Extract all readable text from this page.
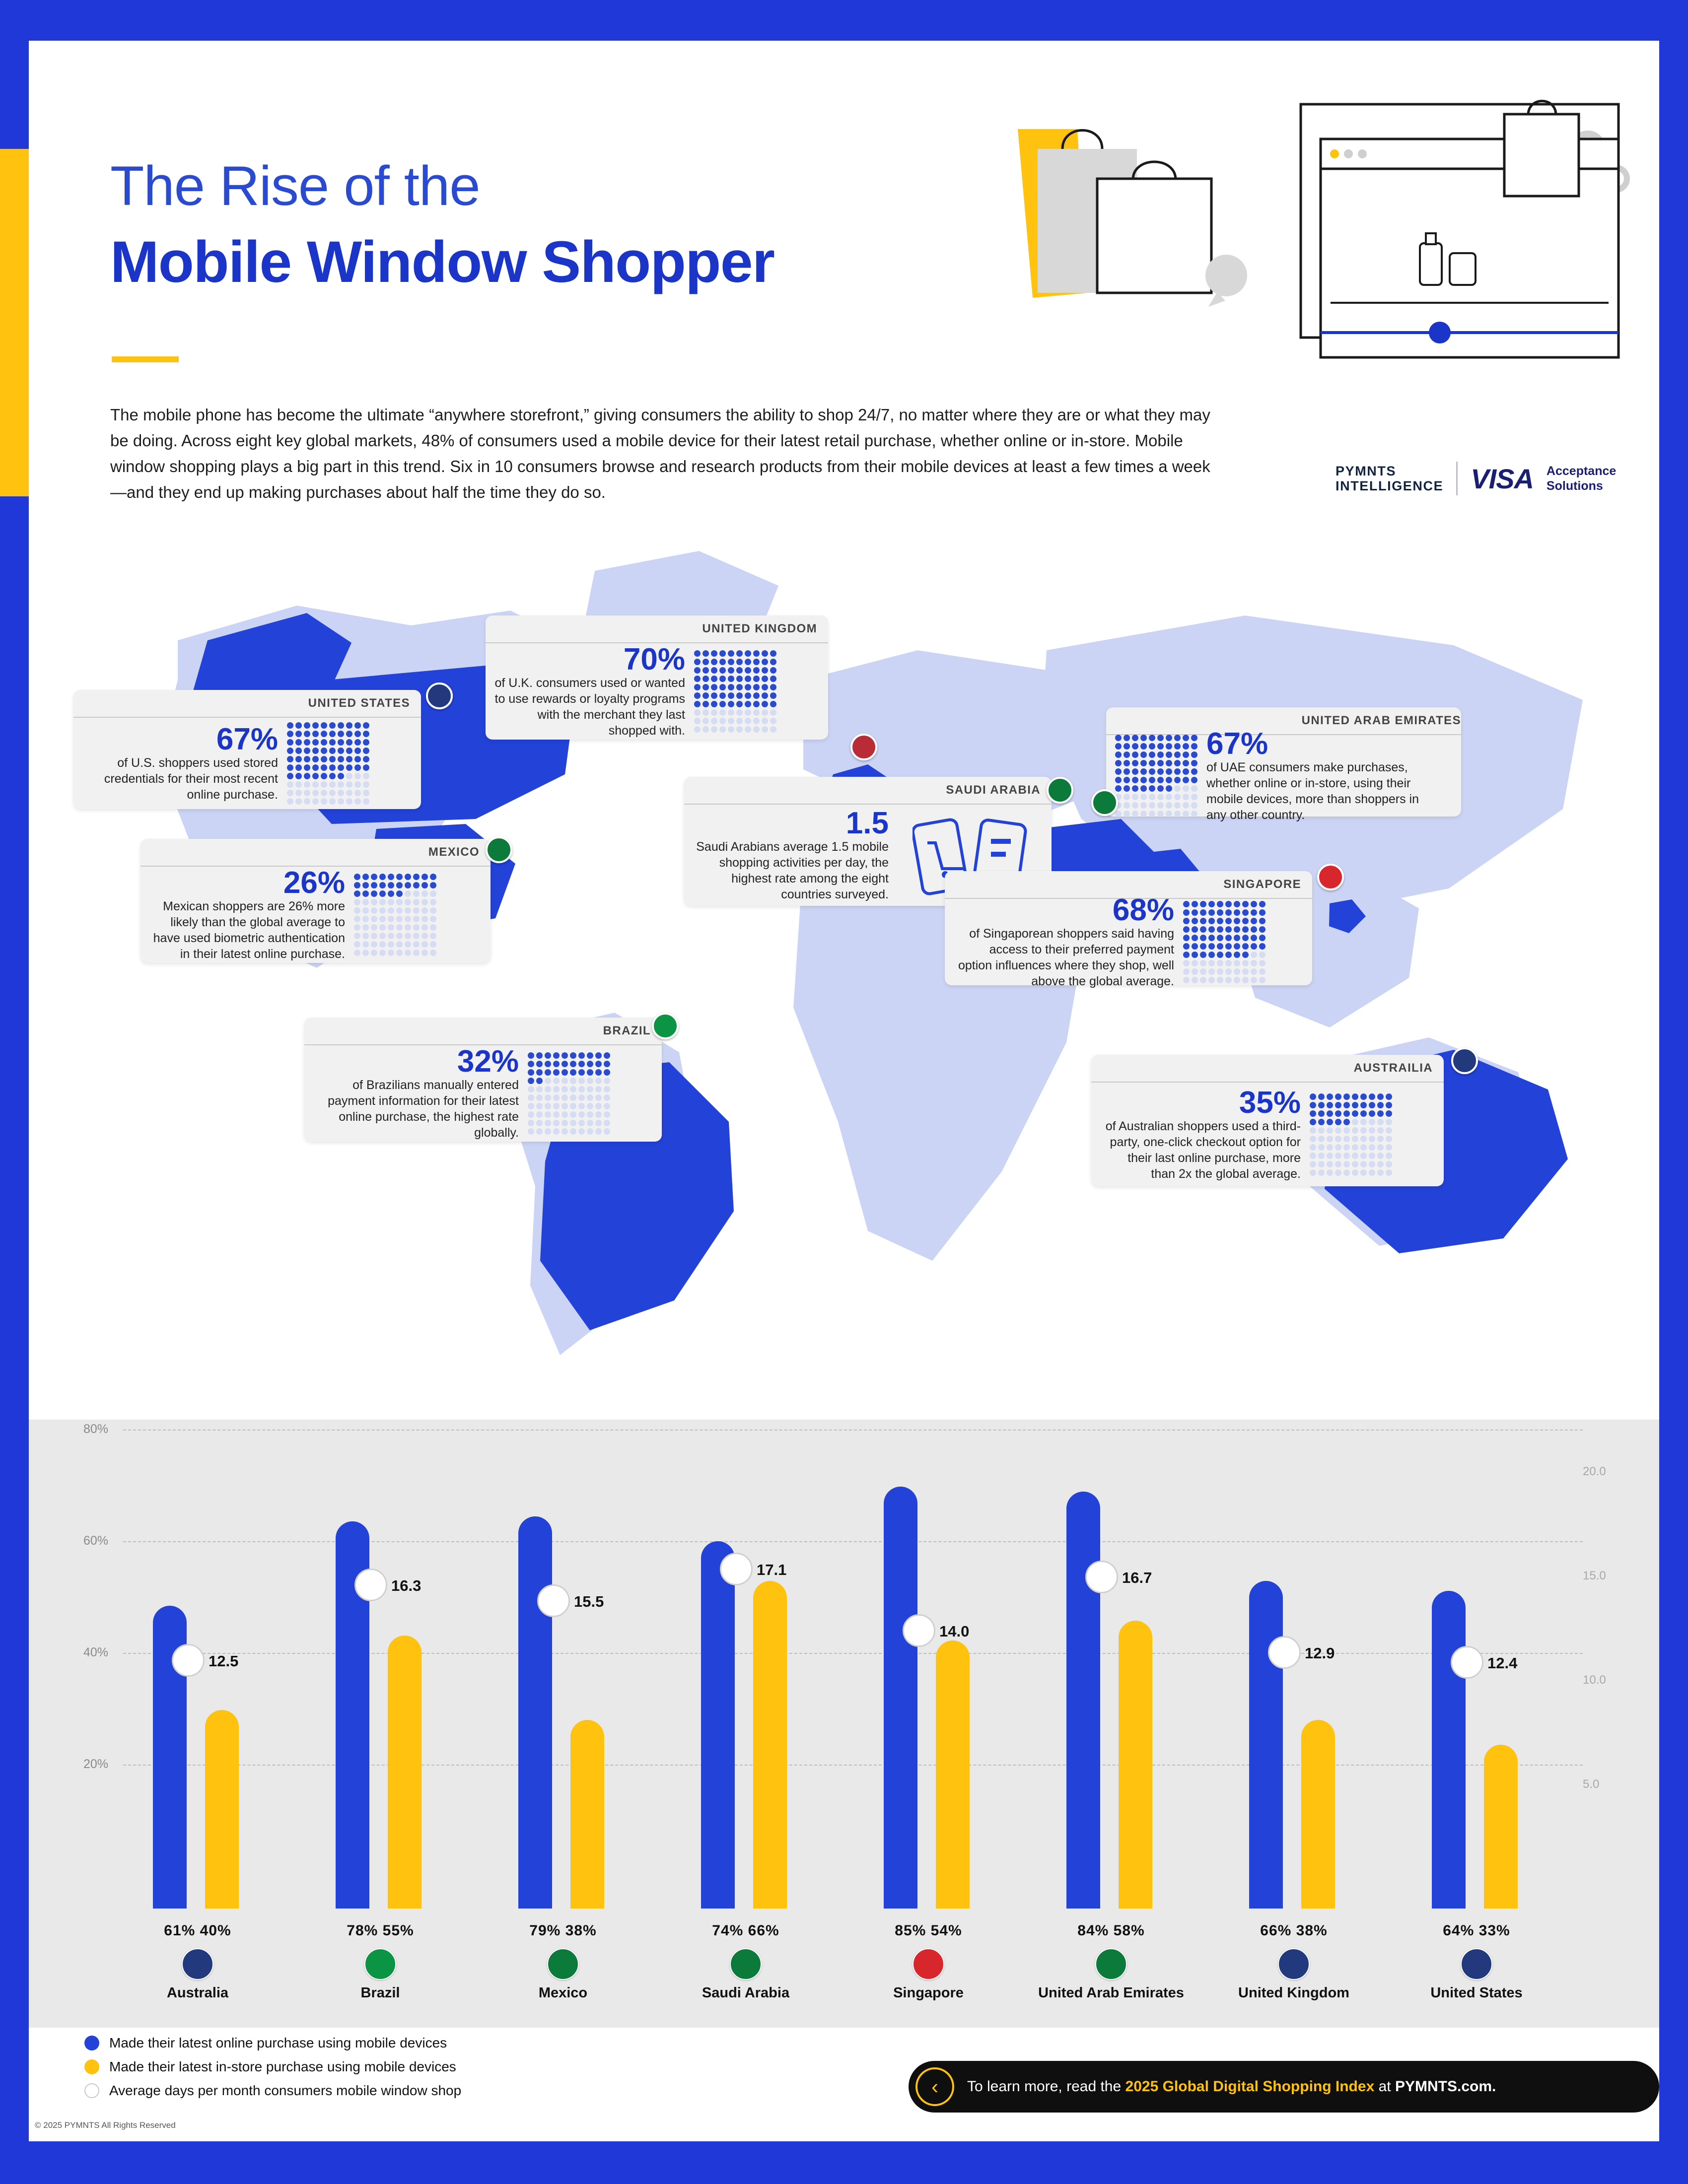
The Rise of the
Mobile Window Shopper
The mobile phone has become the ultimate “anywhere storefront,” giving consumers the ability to shop 24/7, no matter where they are or what they may be doing. Across eight key global markets, 48% of consumers used a mobile device for their latest retail purchase, whether online or in-store. Mobile window shopping plays a big part in this trend. Six in 10 consumers browse and research products from their mobile devices at least a few times a week—and they end up making purchases about half the time they do so.
PYMNTS
INTELLIGENCE VISA Acceptance
Solutions
UNITED KINGDOM
70%
of U.K. consumers used or wanted to use rewards or loyalty programs with the merchant they last shopped with.
UNITED STATES
67%
of U.S. shoppers used stored credentials for their most recent online purchase.
UNITED ARAB EMIRATES
67%
of UAE consumers make purchases, whether online or in-store, using their mobile devices, more than shoppers in any other country.
MEXICO
26%
Mexican shoppers are 26% more likely than the global average to have used biometric authentication in their latest online purchase.
SAUDI ARABIA
1.5
Saudi Arabians average 1.5 mobile shopping activities per day, the highest rate among the eight countries surveyed.
SINGAPORE
68%
of Singaporean shoppers said having access to their preferred payment option influences where they shop, well above the global average.
BRAZIL
32%
of Brazilians manually entered payment information for their latest online purchase, the highest rate globally.
AUSTRAILIA
35%
of Australian shoppers used a third-party, one-click checkout option for their last online purchase, more than 2x the global average.
80%
60%
40%
20%
20.0
15.0
10.0
5.0
12.5
16.3
15.5
17.1
14.0
16.7
12.9
12.4
61% 40%
Australia
78% 55%
Brazil
79% 38%
Mexico
74% 66%
Saudi Arabia
85% 54%
Singapore
84% 58%
United Arab Emirates
66% 38%
United Kingdom
64% 33%
United States
Made their latest online purchase using mobile devices
Made their latest in-store purchase using mobile devices
Average days per month consumers mobile window shop	‹	To learn more, read the 2025 Global Digital Shopping Index at PYMNTS.com.
© 2025 PYMNTS All Rights Reserved
